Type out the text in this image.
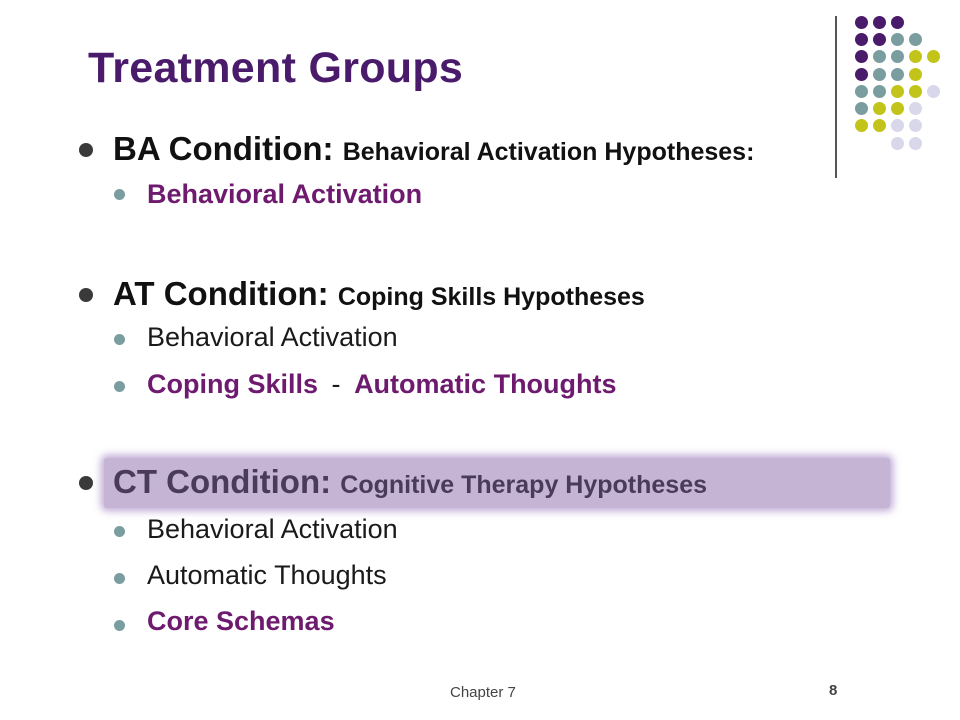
Treatment Groups
BA Condition: Behavioral Activation Hypotheses:
Behavioral Activation
AT Condition: Coping Skills Hypotheses
Behavioral Activation
Coping Skills - Automatic Thoughts
CT Condition: Cognitive Therapy Hypotheses
Behavioral Activation
Automatic Thoughts
Core Schemas
Chapter 7	8
